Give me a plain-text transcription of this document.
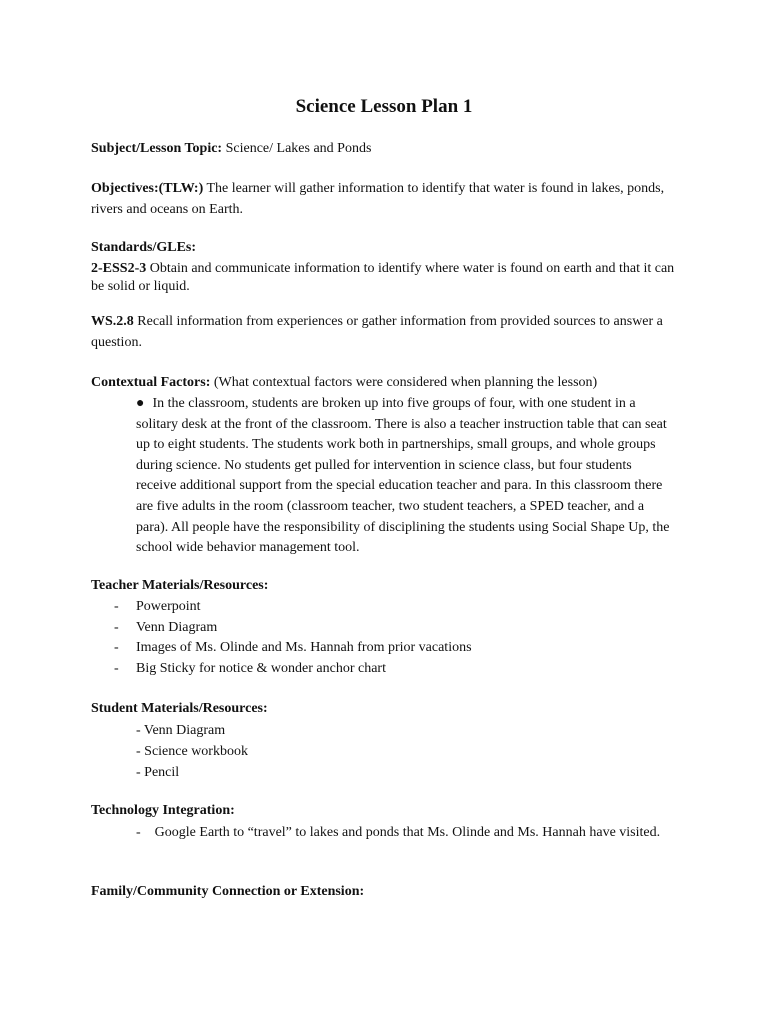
Science Lesson Plan 1

Subject/Lesson Topic: Science/ Lakes and Ponds

Objectives:(TLW:) The learner will gather information to identify that water is found in lakes, ponds, rivers and oceans on Earth.

Standards/GLEs:

2-ESS2-3 Obtain and communicate information to identify where water is found on earth and that it can be solid or liquid.

WS.2.8 Recall information from experiences or gather information from provided sources to answer a question.

Contextual Factors: (What contextual factors were considered when planning the lesson)

● In the classroom, students are broken up into five groups of four, with one student in a solitary desk at the front of the classroom. There is also a teacher instruction table that can seat up to eight students. The students work both in partnerships, small groups, and whole groups during science. No students get pulled for intervention in science class, but four students receive additional support from the special education teacher and para. In this classroom there are five adults in the room (classroom teacher, two student teachers, a SPED teacher, and a para). All people have the responsibility of disciplining the students using Social Shape Up, the school wide behavior management tool.

Teacher Materials/Resources:

-	Powerpoint
-	Venn Diagram
-	Images of Ms. Olinde and Ms. Hannah from prior vacations
-	Big Sticky for notice & wonder anchor chart

Student Materials/Resources:

- Venn Diagram
- Science workbook
- Pencil

Technology Integration:

- Google Earth to “travel” to lakes and ponds that Ms. Olinde and Ms. Hannah have visited.

Family/Community Connection or Extension:
